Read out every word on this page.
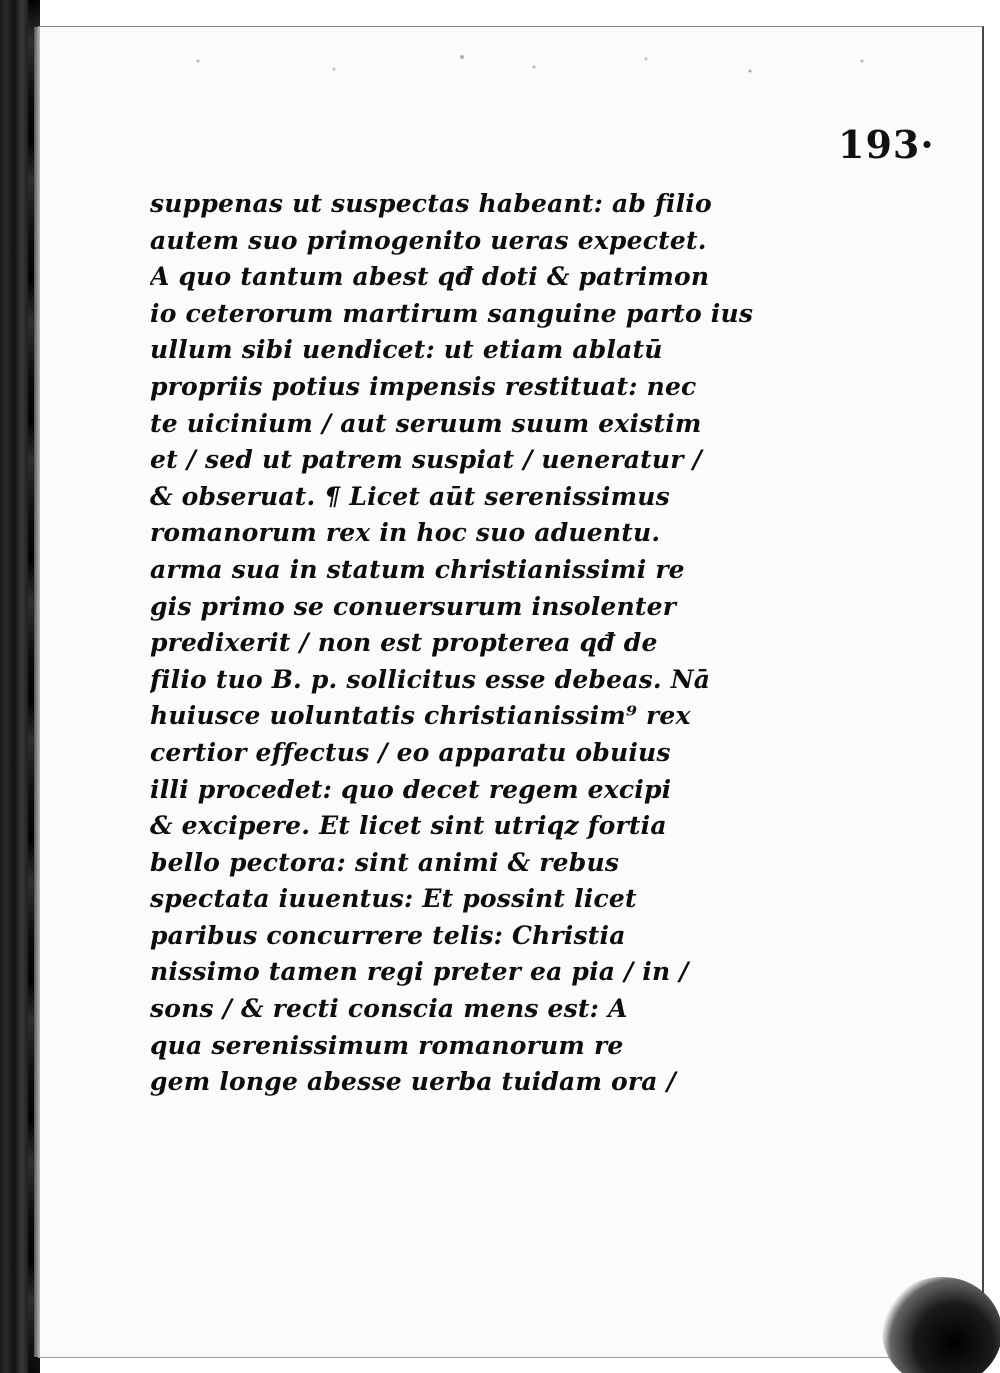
193·
suppenas ut suspectas habeant: ab filio
autem suo primogenito ueras expectet.
A quo tantum abest qđ doti & patrimon
io ceterorum martirum sanguine parto ius
ullum sibi uendicet: ut etiam ablatū
propriis potius impensis restituat: nec
te uicinium / aut seruum suum existim
et / sed ut patrem suspiat / ueneratur /
& obseruat. ¶ Licet aūt serenissimus
romanorum rex in hoc suo aduentu.
arma sua in statum christianissimi re
gis primo se conuersurum insolenter
predixerit / non est propterea qđ de
filio tuo B. p. sollicitus esse debeas. Nā
huiusce uoluntatis christianissim⁹ rex
certior effectus / eo apparatu obuius
illi procedet: quo decet regem excipi
& excipere. Et licet sint utriqz fortia
bello pectora: sint animi & rebus
spectata iuuentus: Et possint licet
paribus concurrere telis: Christia
nissimo tamen regi preter ea pia / in /
sons / & recti conscia mens est: A
qua serenissimum romanorum re
gem longe abesse uerba tuidam ora /
